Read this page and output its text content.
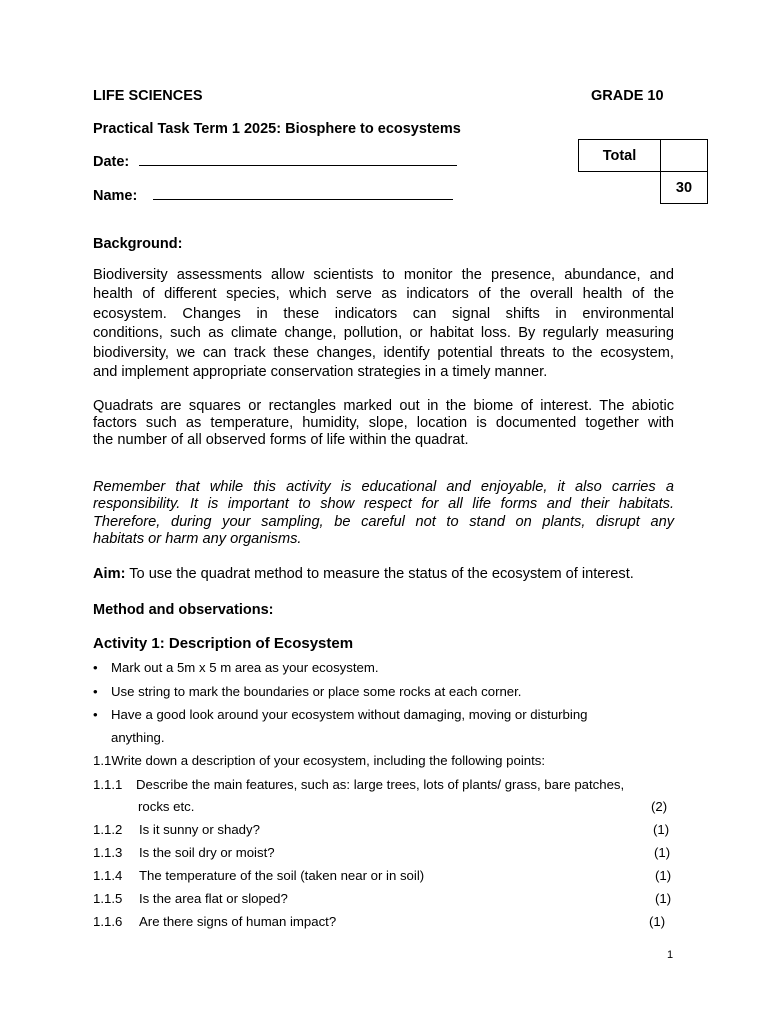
LIFE SCIENCES	GRADE 10
Practical Task Term 1 2025: Biosphere to ecosystems
Date:
Name:
Total	
	30
Background:
Biodiversity assessments allow scientists to monitor the presence, abundance, and
health of different species, which serve as indicators of the overall health of the
ecosystem. Changes in these indicators can signal shifts in environmental
conditions, such as climate change, pollution, or habitat loss. By regularly measuring
biodiversity, we can track these changes, identify potential threats to the ecosystem,
and implement appropriate conservation strategies in a timely manner.
Quadrats are squares or rectangles marked out in the biome of interest. The abiotic
factors such as temperature, humidity, slope, location is documented together with
the number of all observed forms of life within the quadrat.
Remember that while this activity is educational and enjoyable, it also carries a
responsibility. It is important to show respect for all life forms and their habitats.
Therefore, during your sampling, be careful not to stand on plants, disrupt any
habitats or harm any organisms.
Aim: To use the quadrat method to measure the status of the ecosystem of interest.
Method and observations:
Activity 1: Description of Ecosystem
• Mark out a 5m x 5 m area as your ecosystem.
• Use string to mark the boundaries or place some rocks at each corner.
• Have a good look around your ecosystem without damaging, moving or disturbing
anything.
1.1Write down a description of your ecosystem, including the following points:
1.1.1 Describe the main features, such as: large trees, lots of plants/ grass, bare patches,
rocks etc.	(2)
1.1.2 Is it sunny or shady?	(1)
1.1.3 Is the soil dry or moist?	(1)
1.1.4 The temperature of the soil (taken near or in soil)	(1)
1.1.5 Is the area flat or sloped?	(1)
1.1.6 Are there signs of human impact?	(1)
1
